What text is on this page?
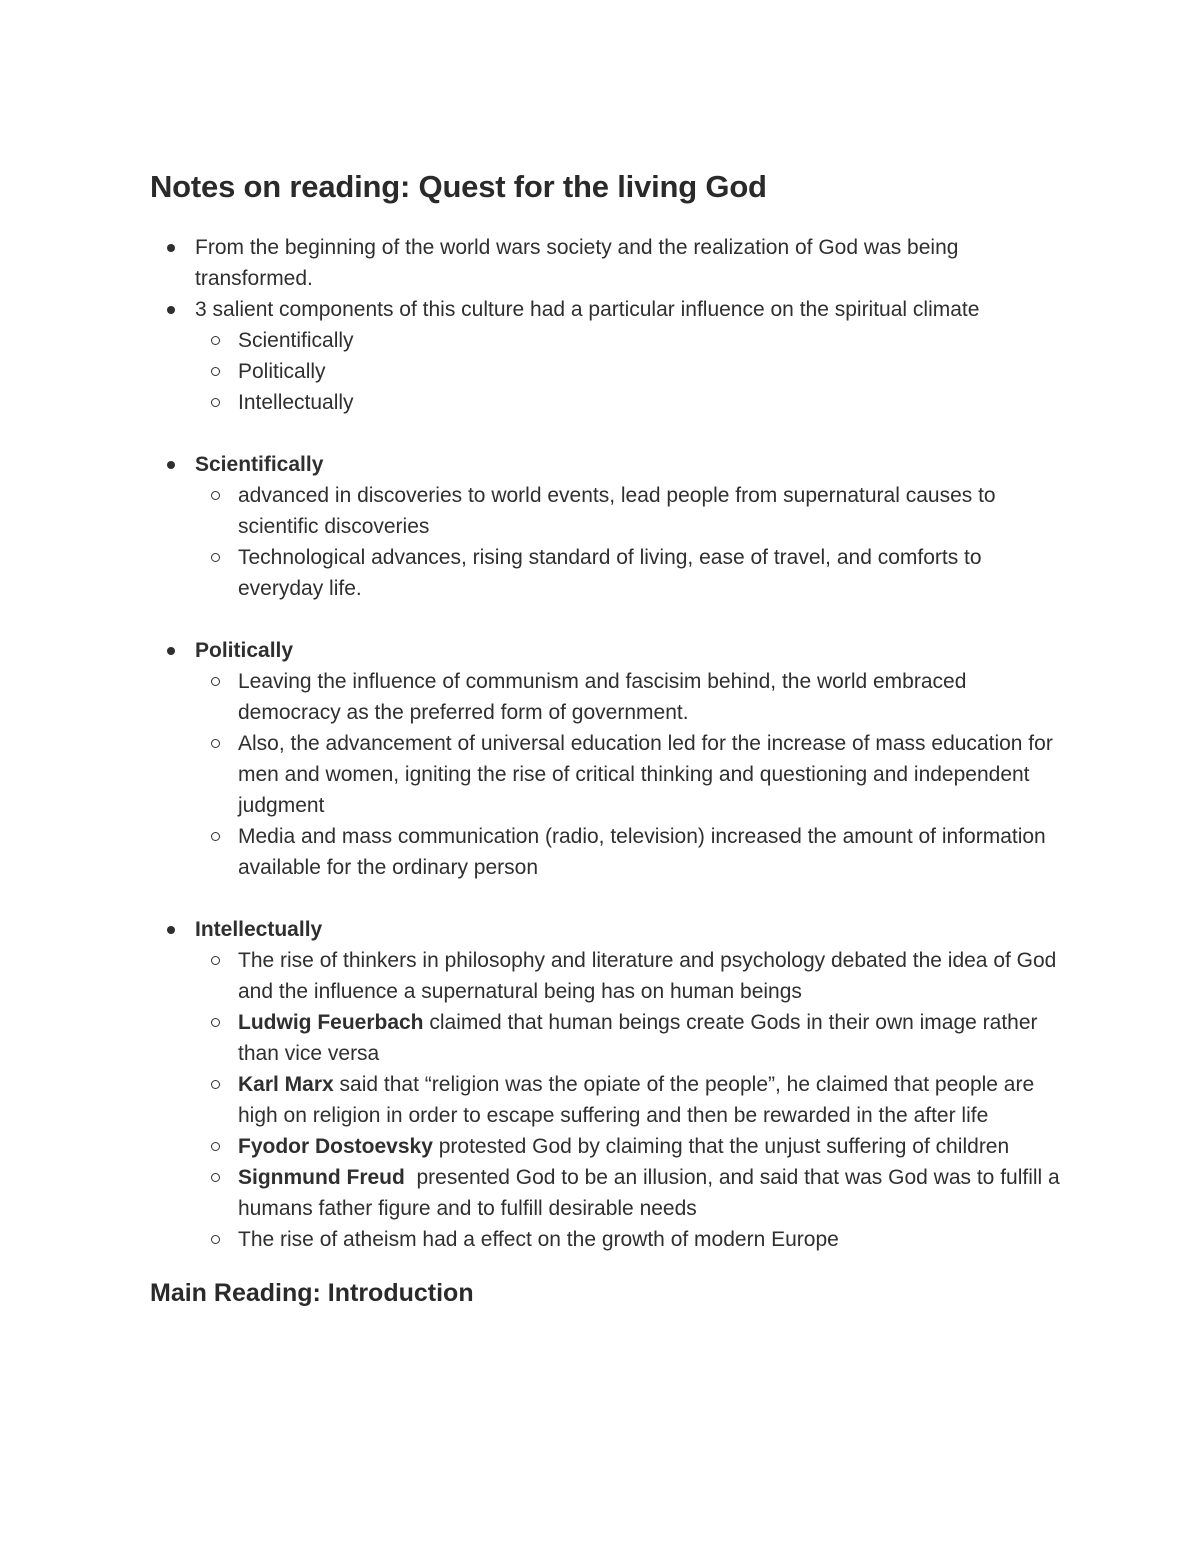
Notes on reading: Quest for the living God
From the beginning of the world wars society and the realization of God was being transformed.
3 salient components of this culture had a particular influence on the spiritual climate
Scientifically
Politically
Intellectually
Scientifically
advanced in discoveries to world events, lead people from supernatural causes to scientific discoveries
Technological advances, rising standard of living, ease of travel, and comforts to everyday life.
Politically
Leaving the influence of communism and fascisim behind, the world embraced democracy as the preferred form of government.
Also, the advancement of universal education led for the increase of mass education for men and women, igniting the rise of critical thinking and questioning and independent judgment
Media and mass communication (radio, television) increased the amount of information available for the ordinary person
Intellectually
The rise of thinkers in philosophy and literature and psychology debated the idea of God and the influence a supernatural being has on human beings
Ludwig Feuerbach claimed that human beings create Gods in their own image rather than vice versa
Karl Marx said that “religion was the opiate of the people”, he claimed that people are high on religion in order to escape suffering and then be rewarded in the after life
Fyodor Dostoevsky protested God by claiming that the unjust suffering of children
Signmund Freud  presented God to be an illusion, and said that was God was to fulfill a humans father figure and to fulfill desirable needs
The rise of atheism had a effect on the growth of modern Europe
Main Reading: Introduction
